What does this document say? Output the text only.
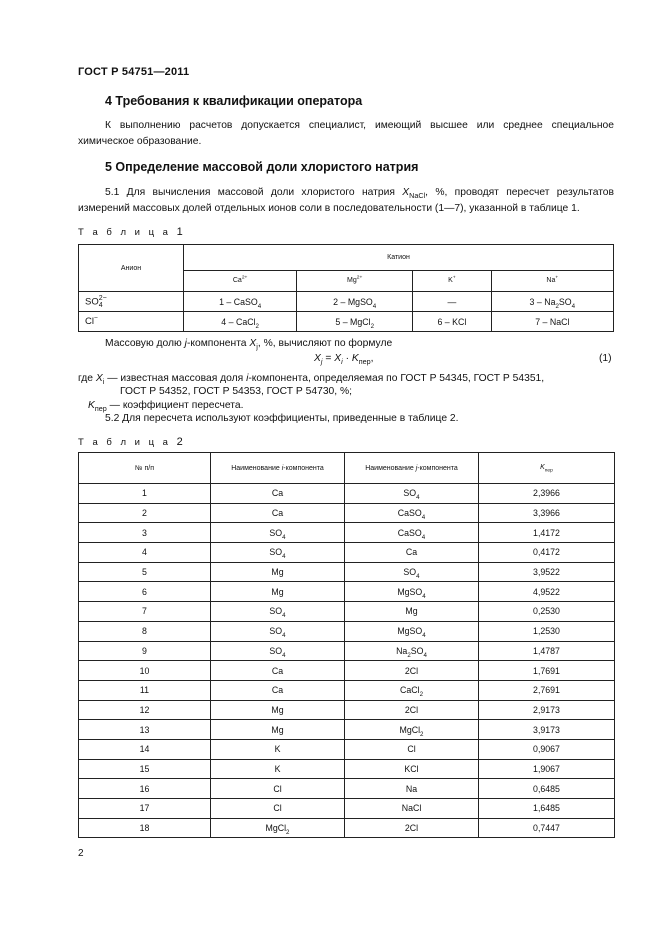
ГОСТ Р 54751—2011
4 Требования к квалификации оператора
К выполнению расчетов допускается специалист, имеющий высшее или среднее специальное химическое образование.
5 Определение массовой доли хлористого натрия
5.1 Для вычисления массовой доли хлористого натрия $X_{NaCl}$, %, проводят пересчет результатов измерений массовых долей отдельных ионов соли в последовательности (1—7), указанной в таблице 1.
Т а б л и ц а 1
Анион	Катион			
	$Ca^{2+}$	$Mg^{2+}$	K+	Na+
SO 2−
4	1 – CaSO$_4$	2 – MgSO$_4$	—	$3 - Na_2SO_4$
Cl−	4 – CaCl$_2$	5 – MgCl$_2$	6 – KCl	7 – NaCl
Массовую долю j-компонента $X_j$, %, вычисляют по формуле
$X_j = X_i \cdot K_{пер}$,	(1)
где $X_i$ — известная массовая доля i-компонента, определяемая по ГОСТ Р 54345, ГОСТ Р 54351,
ГОСТ Р 54352, ГОСТ Р 54353, ГОСТ Р 54730, %;
$K_{пер}$ — коэффициент пересчета.
5.2 Для пересчета используют коэффициенты, приведенные в таблице 2.
Т а б л и ц а 2
№ п/п	Наименование i-компонента	Наименование j-компонента	$K_{пер}$
1	Ca	$SO_4$	2,3966
2	Ca	CaSO$_4$	3,3966
3	$SO_4$	CaSO$_4$	1,4172
4	$SO_4$	Ca	0,4172
5	Mg	$SO_4$	3,9522
6	Mg	MgSO$_4$	4,9522
7	$SO_4$	Mg	0,2530
8	$SO_4$	MgSO$_4$	1,2530
9	$SO_4$	$Na_2SO_4$	1,4787
10	Ca	2Cl	1,7691
11	Ca	CaCl$_2$	2,7691
12	Mg	2Cl	2,9173
13	Mg	MgCl$_2$	3,9173
14	K	Cl	0,9067
15	K	KCl	1,9067
16	Cl	Na	0,6485
17	Cl	NaCl	1,6485
18	MgCl$_2$	2Cl	0,7447
2
